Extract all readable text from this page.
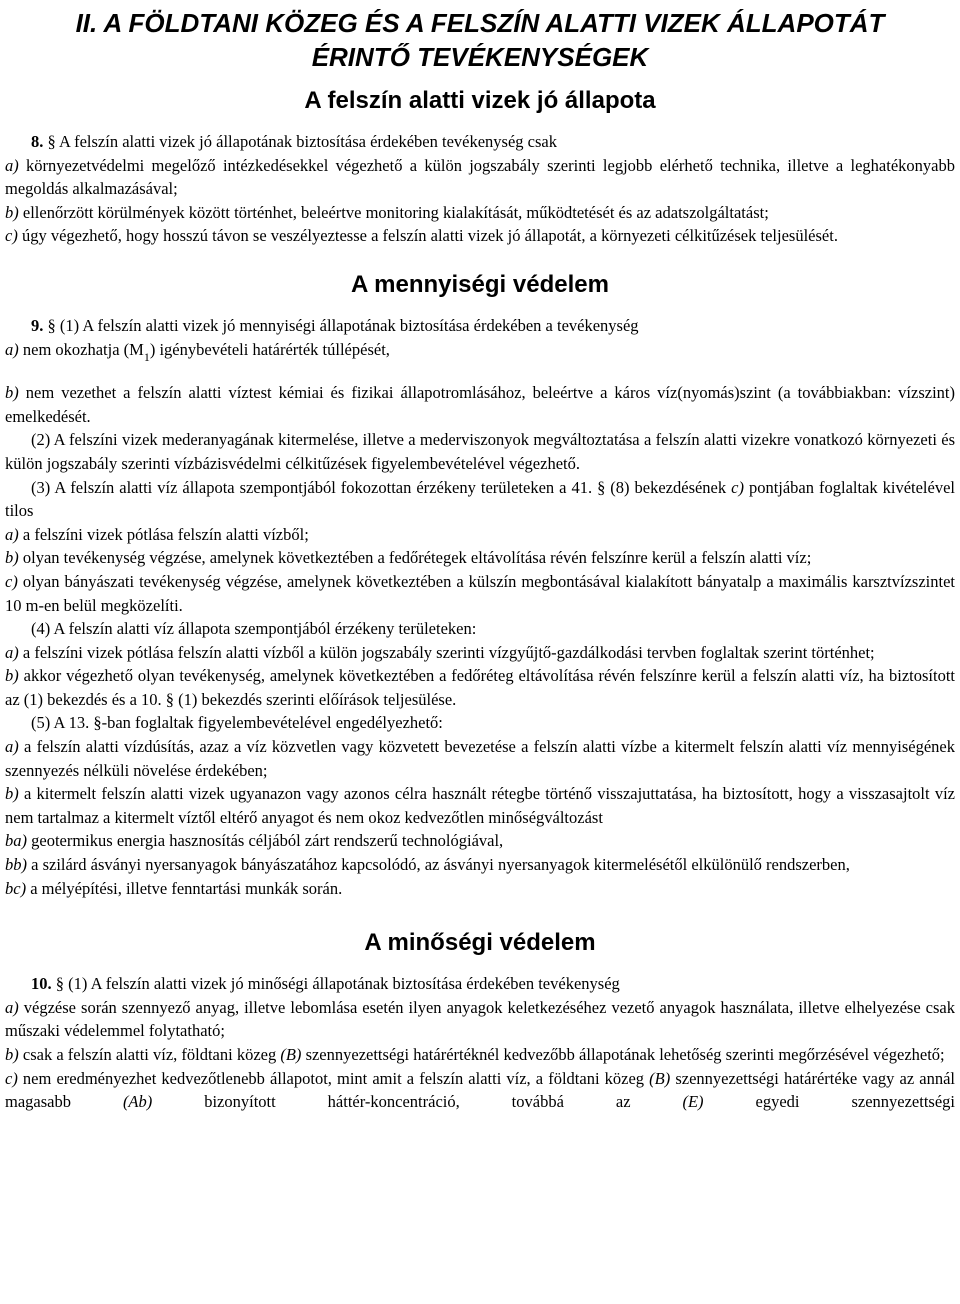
II. A FÖLDTANI KÖZEG ÉS A FELSZÍN ALATTI VIZEK ÁLLAPOTÁT
ÉRINTŐ TEVÉKENYSÉGEK
A felszín alatti vizek jó állapota

8. § A felszín alatti vizek jó állapotának biztosítása érdekében tevékenység csak

a) környezetvédelmi megelőző intézkedésekkel végezhető a külön jogszabály szerinti legjobb elérhető technika, illetve a leghatékonyabb megoldás alkalmazásával;

b) ellenőrzött körülmények között történhet, beleértve monitoring kialakítását, működtetését és az adatszolgáltatást;

c) úgy végezhető, hogy hosszú távon se veszélyeztesse a felszín alatti vizek jó állapotát, a környezeti célkitűzések teljesülését.

A mennyiségi védelem

9. § (1) A felszín alatti vizek jó mennyiségi állapotának biztosítása érdekében a tevékenység

a) nem okozhatja $(M_1)$ igénybevételi határérték túllépését,

b) nem vezethet a felszín alatti víztest kémiai és fizikai állapotromlásához, beleértve a káros víz(nyomás)szint (a továbbiakban: vízszint) emelkedését.

(2) A felszíni vizek mederanyagának kitermelése, illetve a mederviszonyok megváltoztatása a felszín alatti vizekre vonatkozó környezeti és külön jogszabály szerinti vízbázisvédelmi célkitűzések figyelembevételével végezhető.

(3) A felszín alatti víz állapota szempontjából fokozottan érzékeny területeken a 41. § (8) bekezdésének c) pontjában foglaltak kivételével tilos

a) a felszíni vizek pótlása felszín alatti vízből;

b) olyan tevékenység végzése, amelynek következtében a fedőrétegek eltávolítása révén felszínre kerül a felszín alatti víz;

c) olyan bányászati tevékenység végzése, amelynek következtében a külszín megbontásával kialakított bányatalp a maximális karsztvízszintet 10 m-en belül megközelíti.

(4) A felszín alatti víz állapota szempontjából érzékeny területeken:

a) a felszíni vizek pótlása felszín alatti vízből a külön jogszabály szerinti vízgyűjtő-gazdálkodási tervben foglaltak szerint történhet;

b) akkor végezhető olyan tevékenység, amelynek következtében a fedőréteg eltávolítása révén felszínre kerül a felszín alatti víz, ha biztosított az (1) bekezdés és a 10. § (1) bekezdés szerinti előírások teljesülése.

(5) A 13. §-ban foglaltak figyelembevételével engedélyezhető:

a) a felszín alatti vízdúsítás, azaz a víz közvetlen vagy közvetett bevezetése a felszín alatti vízbe a kitermelt felszín alatti víz mennyiségének szennyezés nélküli növelése érdekében;

b) a kitermelt felszín alatti vizek ugyanazon vagy azonos célra használt rétegbe történő visszajuttatása, ha biztosított, hogy a visszasajtolt víz nem tartalmaz a kitermelt víztől eltérő anyagot és nem okoz kedvezőtlen minőségváltozást

ba) geotermikus energia hasznosítás céljából zárt rendszerű technológiával,

bb) a szilárd ásványi nyersanyagok bányászatához kapcsolódó, az ásványi nyersanyagok kitermelésétől elkülönülő rendszerben,

bc) a mélyépítési, illetve fenntartási munkák során.

A minőségi védelem

10. § (1) A felszín alatti vizek jó minőségi állapotának biztosítása érdekében tevékenység

a) végzése során szennyező anyag, illetve lebomlása esetén ilyen anyagok keletkezéséhez vezető anyagok használata, illetve elhelyezése csak műszaki védelemmel folytatható;

b) csak a felszín alatti víz, földtani közeg (B) szennyezettségi határértéknél kedvezőbb állapotának lehetőség szerinti megőrzésével végezhető;

c) nem eredményezhet kedvezőtlenebb állapotot, mint amit a felszín alatti víz, a földtani közeg (B) szennyezettségi határértéke vagy az annál magasabb (Ab) bizonyított háttér-koncentráció, továbbá az (E) egyedi szennyezettségi
